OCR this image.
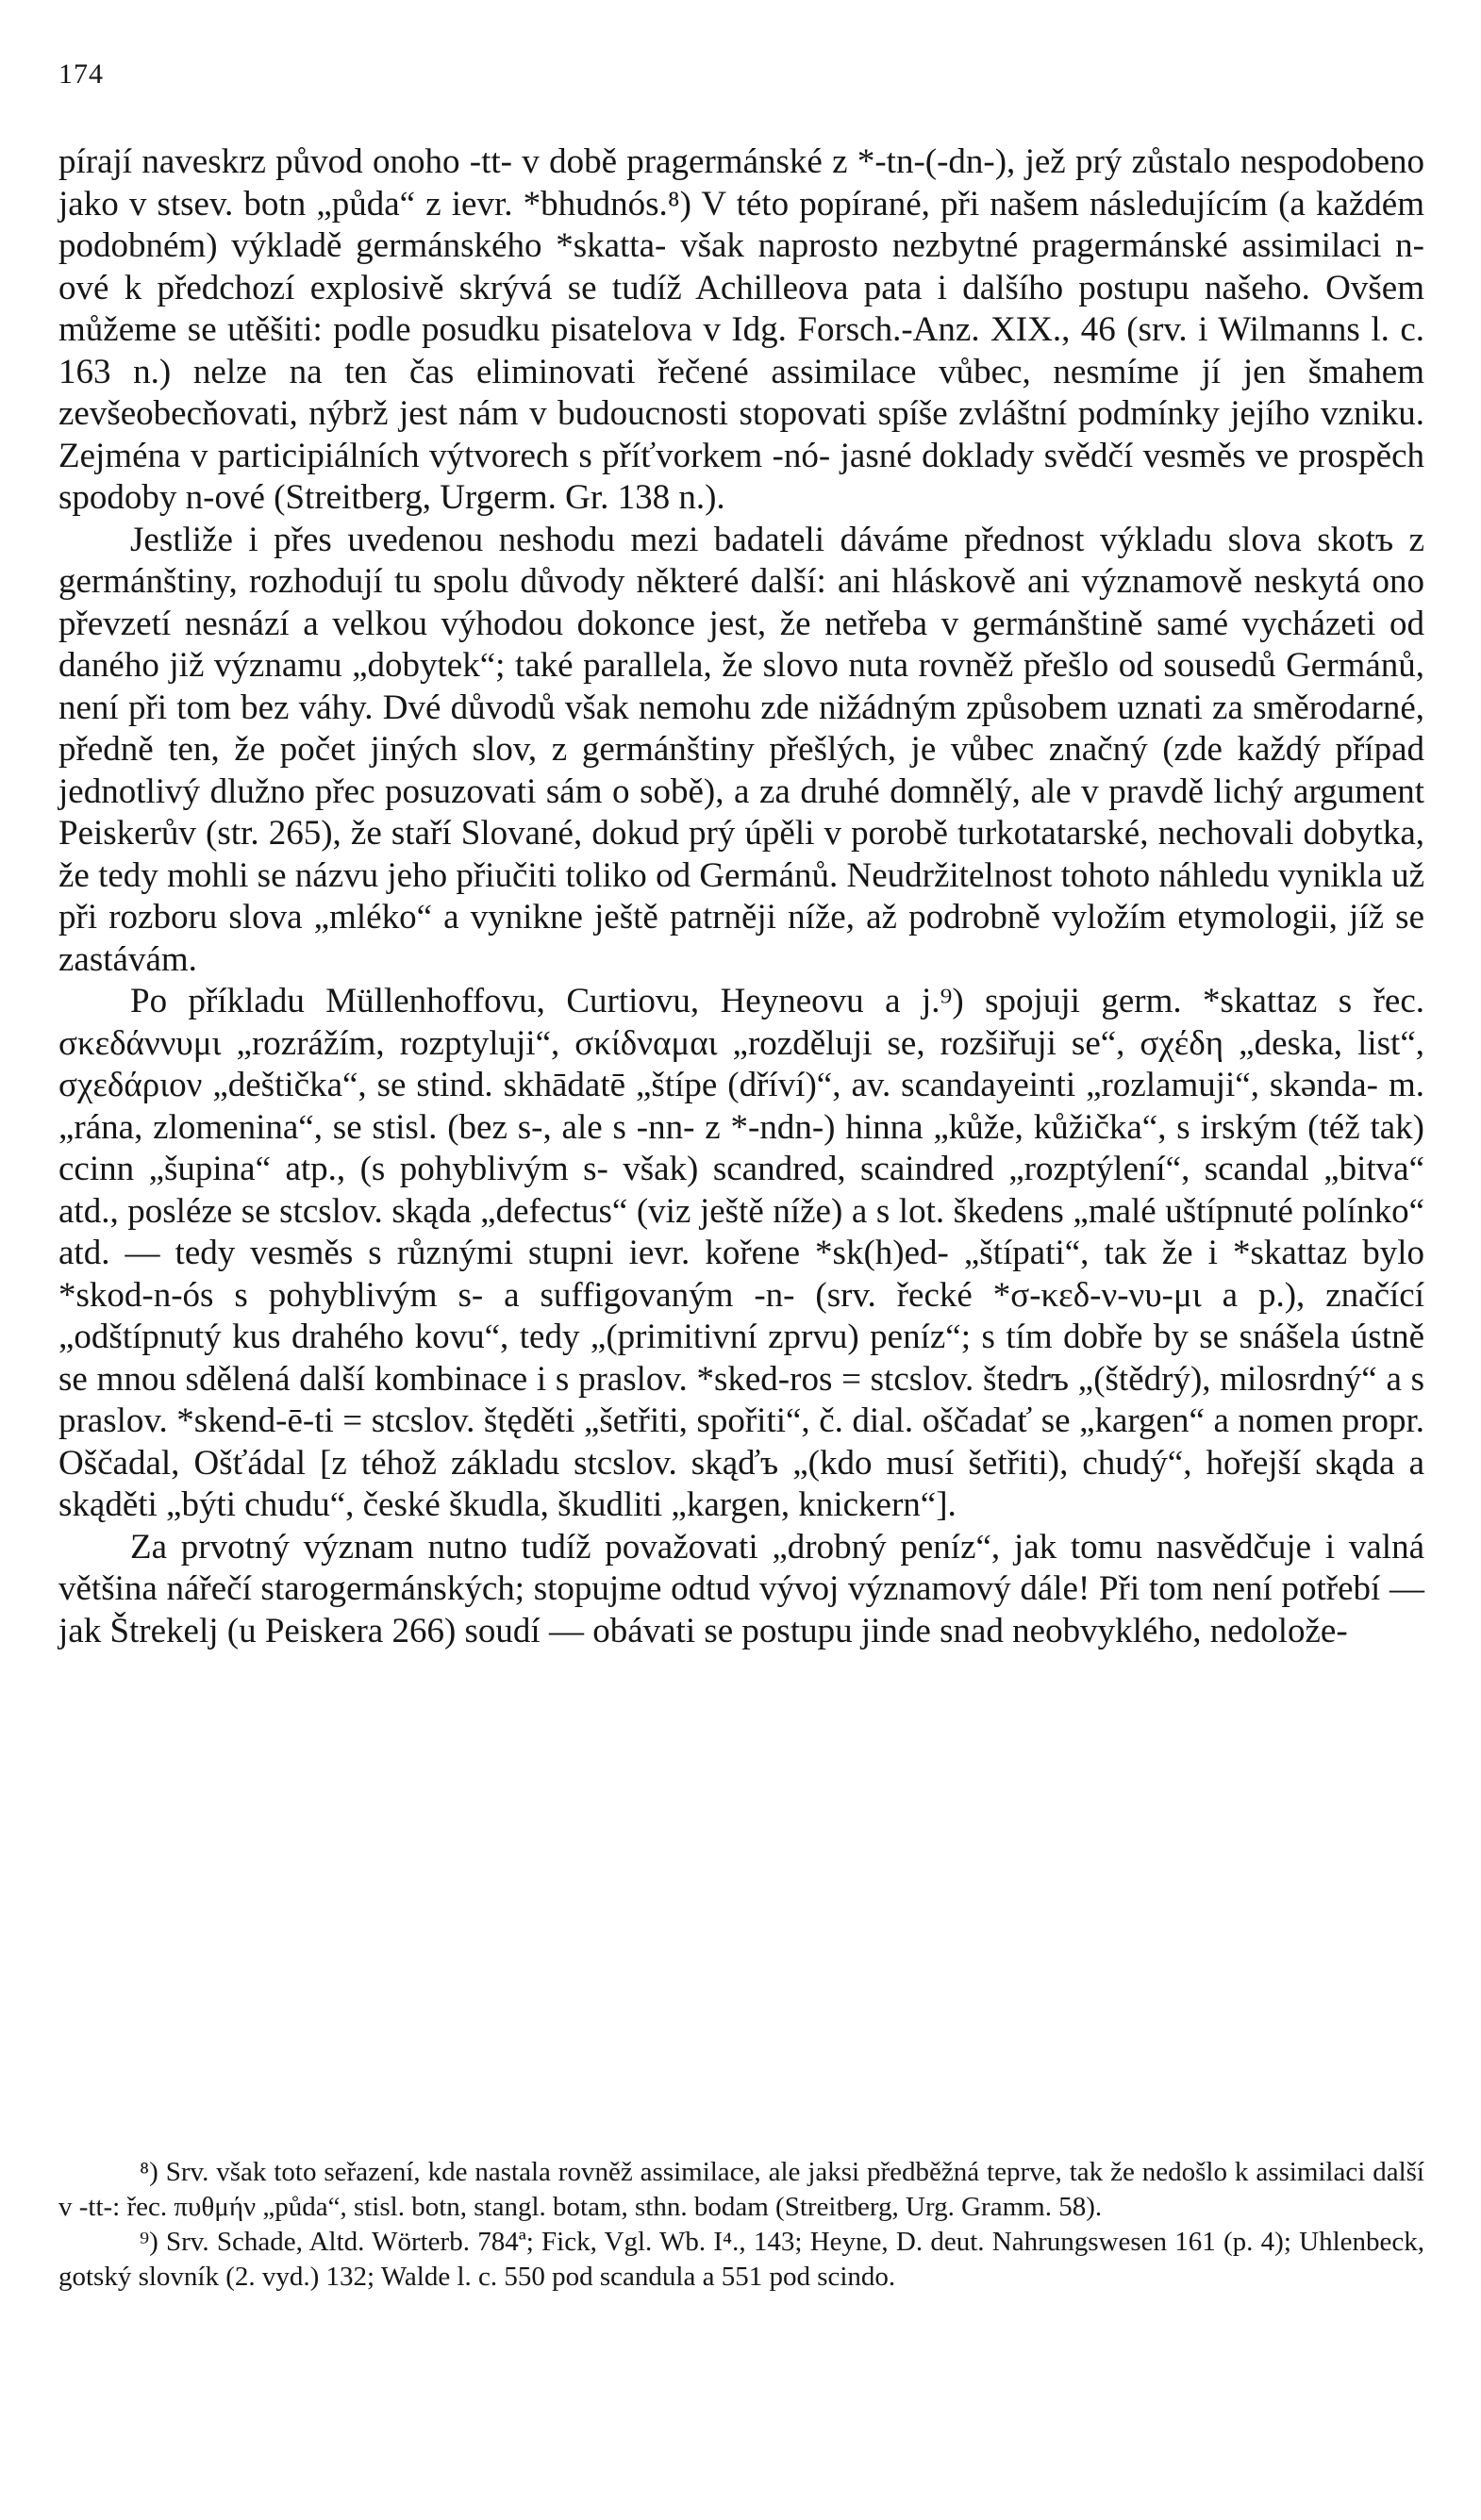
174

pírají naveskrz původ onoho -tt- v době pragermánské z *-tn-(-dn-), jež prý zůstalo nespodobeno jako v stsev. botn „půda“ z ievr. *bhudnós.⁸) V této popírané, při našem následujícím (a každém podobném) výkladě germánského *skatta- však naprosto nezbytné pragermánské assimilaci n-ové k předchozí explosivě skrývá se tudíž Achilleova pata i dalšího postupu našeho. Ovšem můžeme se utěšiti: podle posudku pisatelova v Idg. Forsch.-Anz. XIX., 46 (srv. i Wilmanns l. c. 163 n.) nelze na ten čas eliminovati řečené assimilace vůbec, nesmíme jí jen šmahem zevšeobecňovati, nýbrž jest nám v budoucnosti stopovati spíše zvláštní podmínky jejího vzniku. Zejména v participiálních výtvorech s příťvorkem -nó- jasné doklady svědčí vesměs ve prospěch spodoby n-ové (Streitberg, Urgerm. Gr. 138 n.).

Jestliže i přes uvedenou neshodu mezi badateli dáváme přednost výkladu slova skotъ z germánštiny, rozhodují tu spolu důvody některé další: ani hláskově ani významově neskytá ono převzetí nesnází a velkou výhodou dokonce jest, že netřeba v germánštině samé vycházeti od daného již významu „dobytek“; také parallela, že slovo nuta rovněž přešlo od sousedů Germánů, není při tom bez váhy. Dvé důvodů však nemohu zde nižádným způsobem uznati za směrodarné, předně ten, že počet jiných slov, z germánštiny přešlých, je vůbec značný (zde každý případ jednotlivý dlužno přec posuzovati sám o sobě), a za druhé domnělý, ale v pravdě lichý argument Peiskerův (str. 265), že staří Slované, dokud prý úpěli v porobě turkotatarské, nechovali dobytka, že tedy mohli se názvu jeho přiučiti toliko od Germánů. Neudržitelnost tohoto náhledu vynikla už při rozboru slova „mléko“ a vynikne ještě patrněji níže, až podrobně vyložím etymologii, jíž se zastávám.

Po příkladu Müllenhoffovu, Curtiovu, Heyneovu a j.⁹) spojuji germ. *skattaz s řec. σκεδάννυμι „rozrážím, rozptyluji“, σκίδναμαι „rozděluji se, rozšiřuji se“, σχέδη „deska, list“, σχεδάριον „deštička“, se stind. skhādatē „štípe (dříví)“, av. scandayeinti „rozlamuji“, skənda- m. „rána, zlomenina“, se stisl. (bez s-, ale s -nn- z *-ndn-) hinna „kůže, kůžička“, s irským (též tak) ccinn „šupina“ atp., (s pohyblivým s- však) scandred, scaindred „rozptýlení“, scandal „bitva“ atd., posléze se stcslov. skąda „defectus“ (viz ještě níže) a s lot. škedens „malé uštípnuté polínko“ atd. — tedy vesměs s různými stupni ievr. kořene *sk(h)ed- „štípati“, tak že i *skattaz bylo *skod-n-ós s pohyblivým s- a suffigovaným -n- (srv. řecké *σ-κεδ-ν-νυ-μι a p.), značící „odštípnutý kus drahého kovu“, tedy „(primitivní zprvu) peníz“; s tím dobře by se snášela ústně se mnou sdělená další kombinace i s praslov. *sked-ros = stcslov. štedrъ „(štědrý), milosrdný“ a s praslov. *skend-ē-ti = stcslov. štęděti „šetřiti, spořiti“, č. dial. oščadať se „kargen“ a nomen propr. Oščadal, Ošťádal [z téhož základu stcslov. skąďъ „(kdo musí šetřiti), chudý“, hořejší skąda a skąděti „býti chudu“, české škudla, škudliti „kargen, knickern“].

Za prvotný význam nutno tudíž považovati „drobný peníz“, jak tomu nasvědčuje i valná většina nářečí starogermánských; stopujme odtud vývoj významový dále! Při tom není potřebí — jak Štrekelj (u Peiskera 266) soudí — obávati se postupu jinde snad neobvyklého, nedolože-

⁸) Srv. však toto seřazení, kde nastala rovněž assimilace, ale jaksi předběžná teprve, tak že nedošlo k assimilaci další v -tt-: řec. πυθμήν „půda“, stisl. botn, stangl. botam, sthn. bodam (Streitberg, Urg. Gramm. 58).

⁹) Srv. Schade, Altd. Wörterb. 784ª; Fick, Vgl. Wb. I⁴., 143; Heyne, D. deut. Nahrungswesen 161 (p. 4); Uhlenbeck, gotský slovník (2. vyd.) 132; Walde l. c. 550 pod scandula a 551 pod scindo.
